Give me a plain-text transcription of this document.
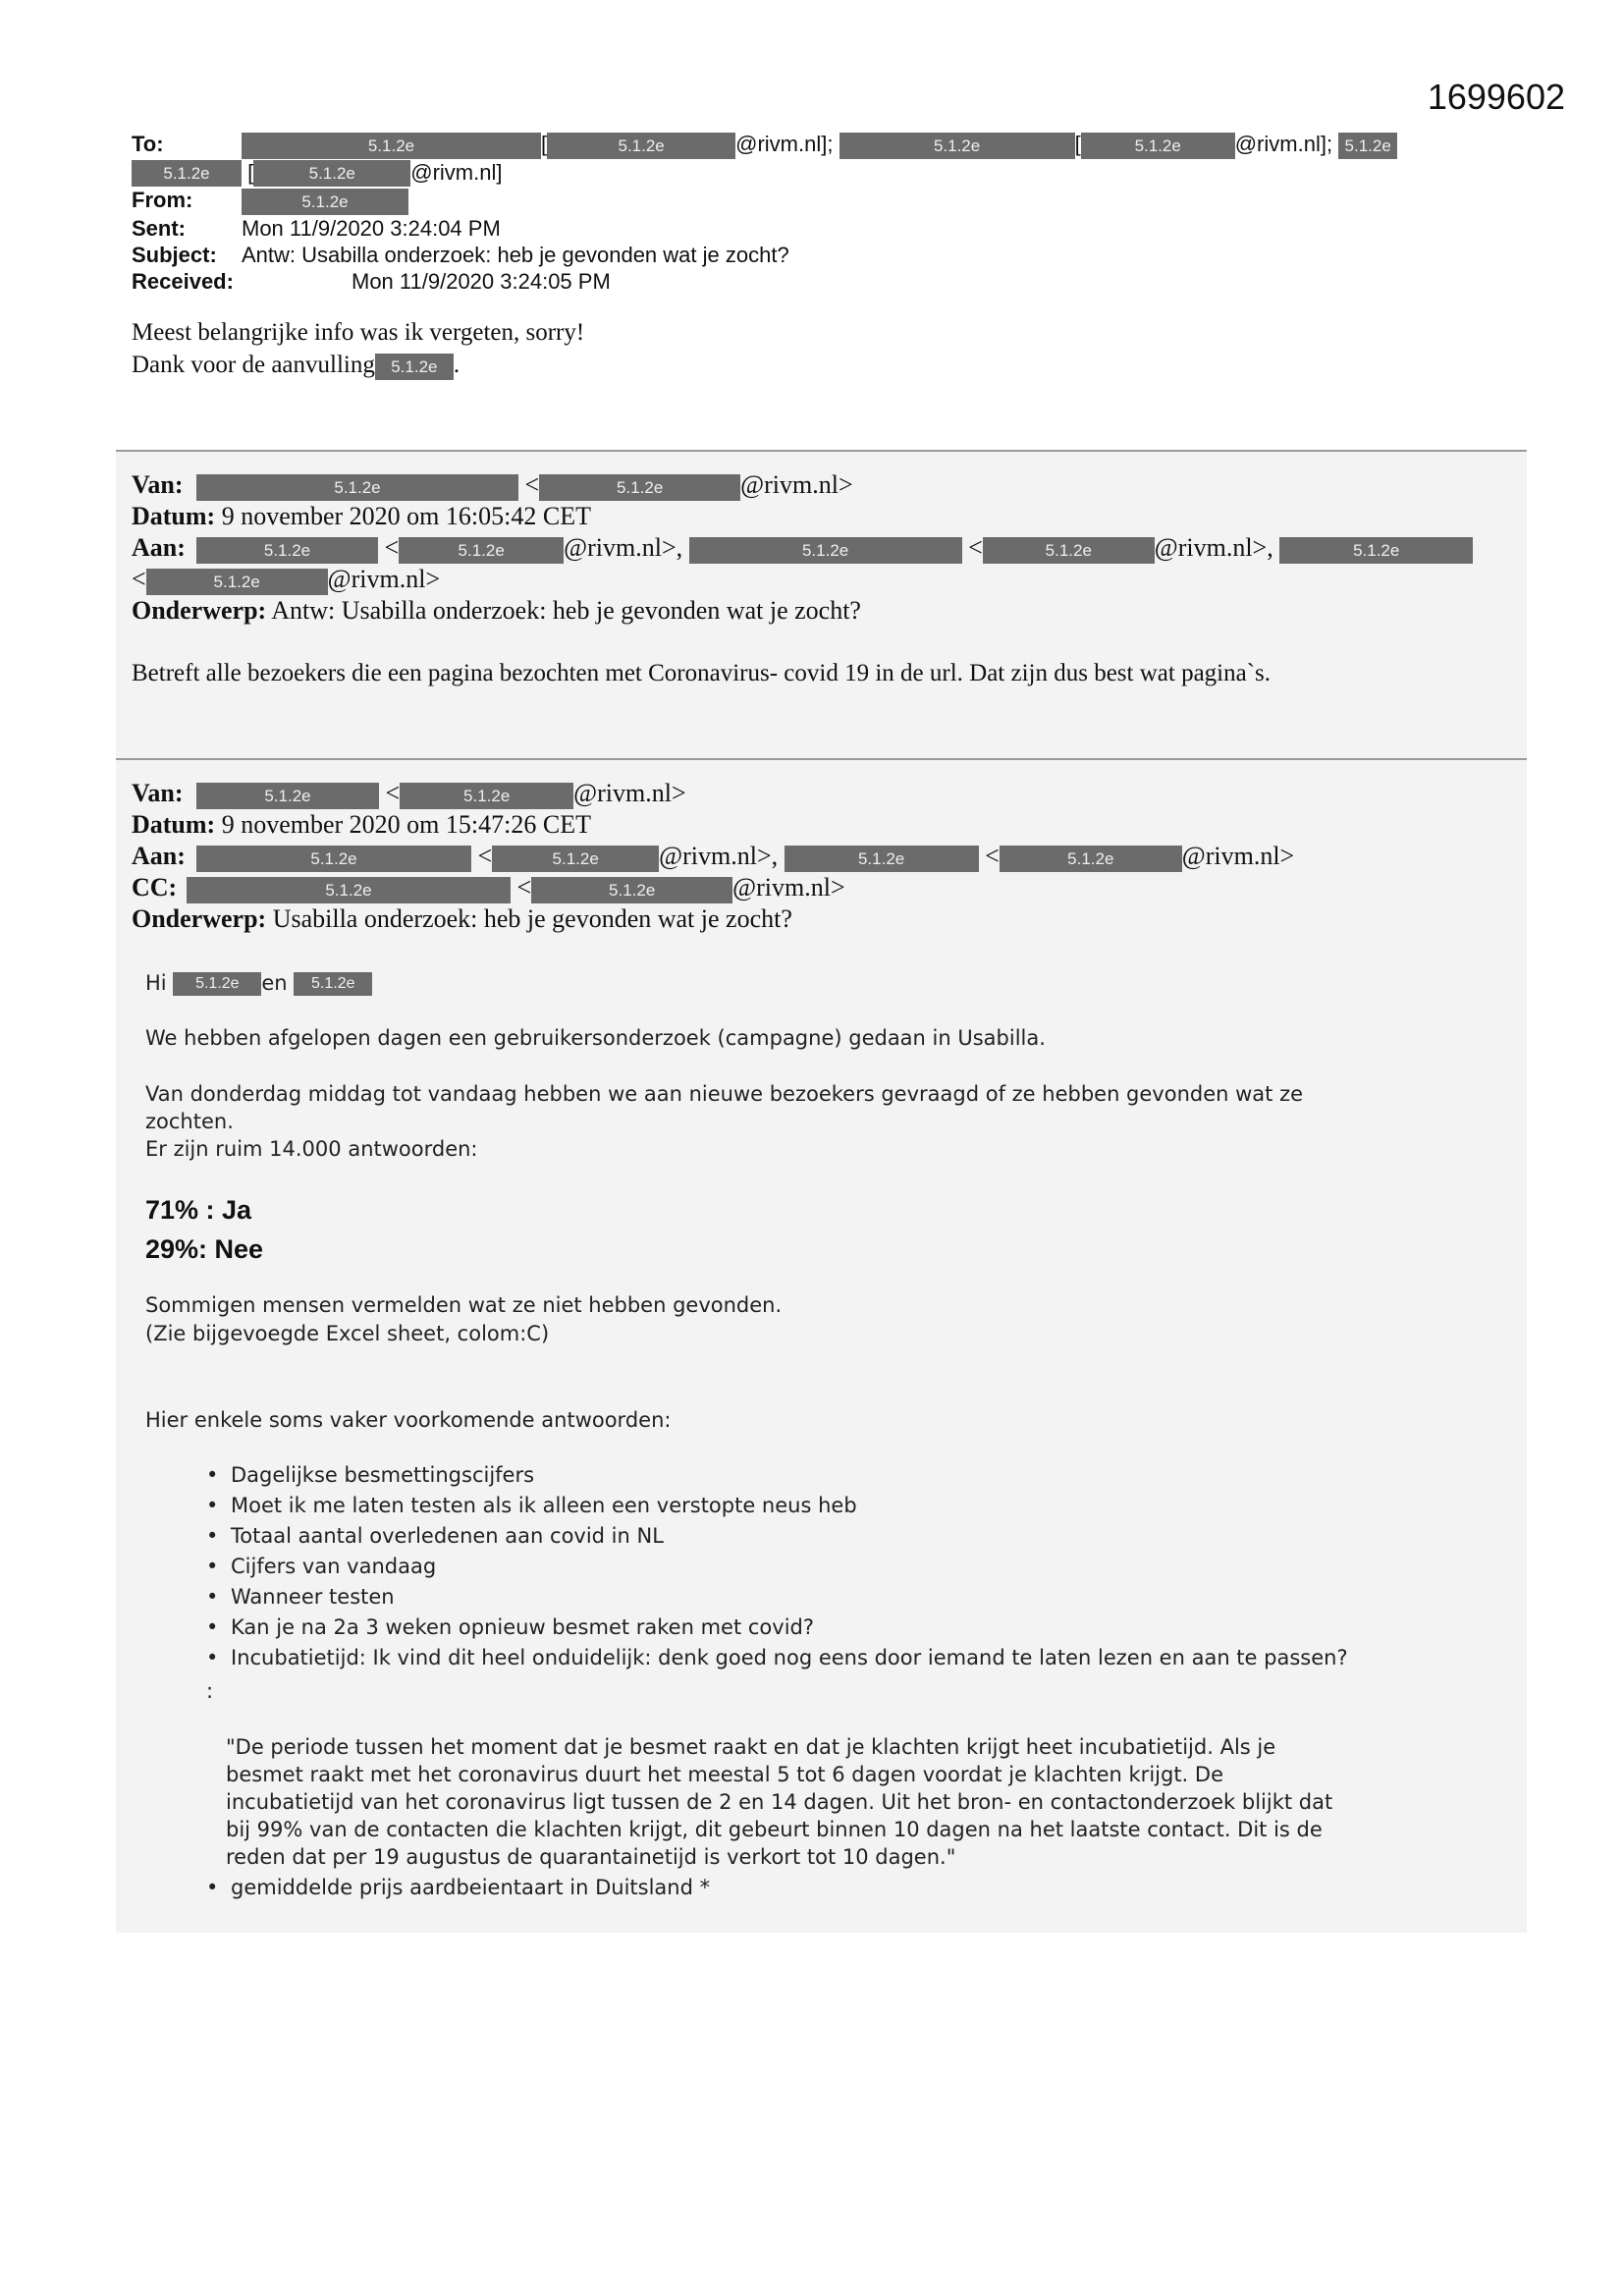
1699602
To:	5.1.2e	[	5.1.2e	@rivm.nl];	5.1.2e	[	5.1.2e @rivm.nl]; 5.1.2e
5.1.2e [	5.1.2e	@rivm.nl]
From:	5.1.2e
Sent:	Mon 11/9/2020 3:24:04 PM
Subject: Antw: Usabilla onderzoek: heb je gevonden wat je zocht?
Received:	Mon 11/9/2020 3:24:05 PM
Meest belangrijke info was ik vergeten, sorry!
Dank voor de aanvulling 5.1.2e .
Van:	5.1.2e	<	5.1.2e	@rivm.nl>
Datum: 9 november 2020 om 16:05:42 CET
Aan:	5.1.2e	<	5.1.2e @rivm.nl>,	5.1.2e	<	5.1.2e @rivm.nl>,	5.1.2e
<	5.1.2e	@rivm.nl>
Onderwerp: Antw: Usabilla onderzoek: heb je gevonden wat je zocht?
Betreft alle bezoekers die een pagina bezochten met Coronavirus- covid 19 in de url. Dat zijn dus best wat pagina`s.
Van:	5.1.2e	<	5.1.2e @rivm.nl>
Datum: 9 november 2020 om 15:47:26 CET
Aan:	5.1.2e	<	5.1.2e @rivm.nl>,	5.1.2e	<	5.1.2e	@rivm.nl>
CC:	5.1.2e	<	5.1.2e	@rivm.nl>
Onderwerp: Usabilla onderzoek: heb je gevonden wat je zocht?
Hi 5.1.2e en 5.1.2e
We hebben afgelopen dagen een gebruikersonderzoek (campagne) gedaan in Usabilla.
Van donderdag middag tot vandaag hebben we aan nieuwe bezoekers gevraagd of ze hebben gevonden wat ze
zochten.
Er zijn ruim 14.000 antwoorden:
71% : Ja
29%: Nee
Sommigen mensen vermelden wat ze niet hebben gevonden.
(Zie bijgevoegde Excel sheet, colom:C)
Hier enkele soms vaker voorkomende antwoorden:
• Dagelijkse besmettingscijfers
• Moet ik me laten testen als ik alleen een verstopte neus heb
• Totaal aantal overledenen aan covid in NL
• Cijfers van vandaag
• Wanneer testen
• Kan je na 2a 3 weken opnieuw besmet raken met covid?
• Incubatietijd: Ik vind dit heel onduidelijk: denk goed nog eens door iemand te laten lezen en aan te passen?
:
"De periode tussen het moment dat je besmet raakt en dat je klachten krijgt heet incubatietijd. Als je
besmet raakt met het coronavirus duurt het meestal 5 tot 6 dagen voordat je klachten krijgt. De
incubatietijd van het coronavirus ligt tussen de 2 en 14 dagen. Uit het bron- en contactonderzoek blijkt dat
bij 99% van de contacten die klachten krijgt, dit gebeurt binnen 10 dagen na het laatste contact. Dit is de
reden dat per 19 augustus de quarantainetijd is verkort tot 10 dagen."
• gemiddelde prijs aardbeientaart in Duitsland *
